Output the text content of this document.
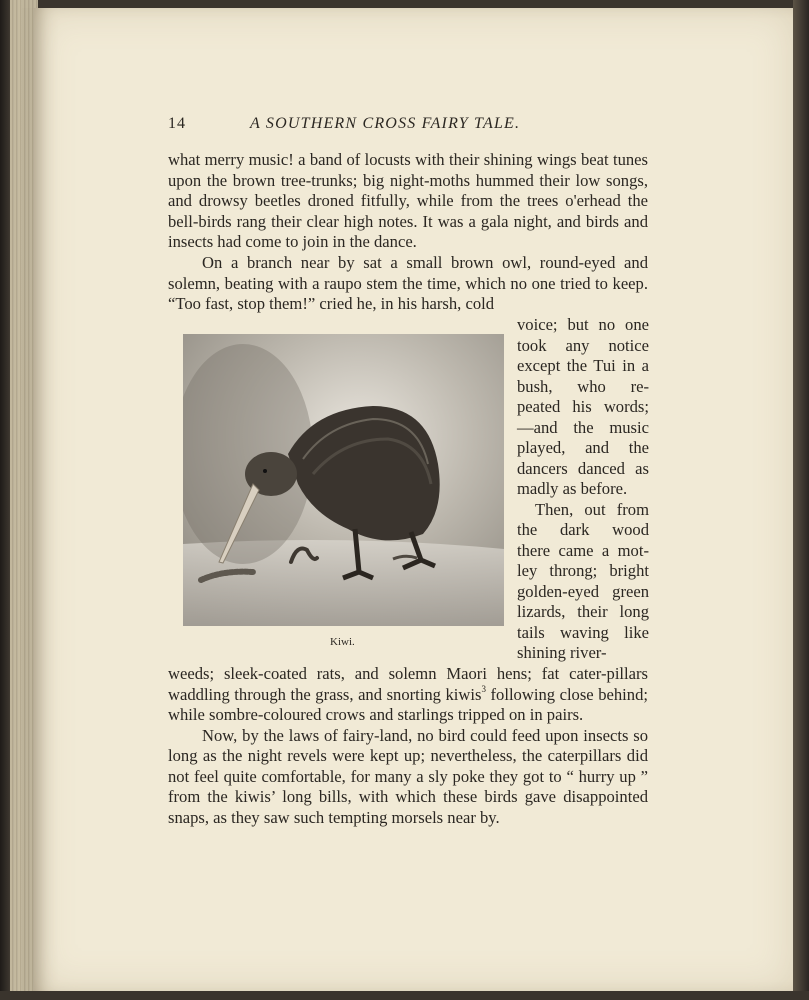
14	A SOUTHERN CROSS FAIRY TALE.
what merry music! a band of locusts with their shining wings beat tunes upon the brown tree-trunks; big night-moths hummed their low songs, and drowsy beetles droned fitfully, while from the trees o'erhead the bell-birds rang their clear high notes. It was a gala night, and birds and insects had come to join in the dance.
On a branch near by sat a small brown owl, round-eyed and solemn, beating with a raupo stem the time, which no one tried to keep. “Too fast, stop them!” cried he, in his harsh, cold
Kiwi.

voice; but no one took any notice except the Tui in a bush, who re-peated his words; —and the music played, and the dancers danced as madly as before.

Then, out from the dark wood there came a mot-ley throng; bright golden-eyed green lizards, their long tails waving like shining river-

weeds; sleek-coated rats, and solemn Maori hens; fat cater-pillars waddling through the grass, and snorting kiwis$^3$ following close behind; while sombre-coloured crows and starlings tripped on in pairs.

Now, by the laws of fairy-land, no bird could feed upon insects so long as the night revels were kept up; nevertheless, the caterpillars did not feel quite comfortable, for many a sly poke they got to “ hurry up ” from the kiwis’ long bills, with which these birds gave disappointed snaps, as they saw such tempting morsels near by.
